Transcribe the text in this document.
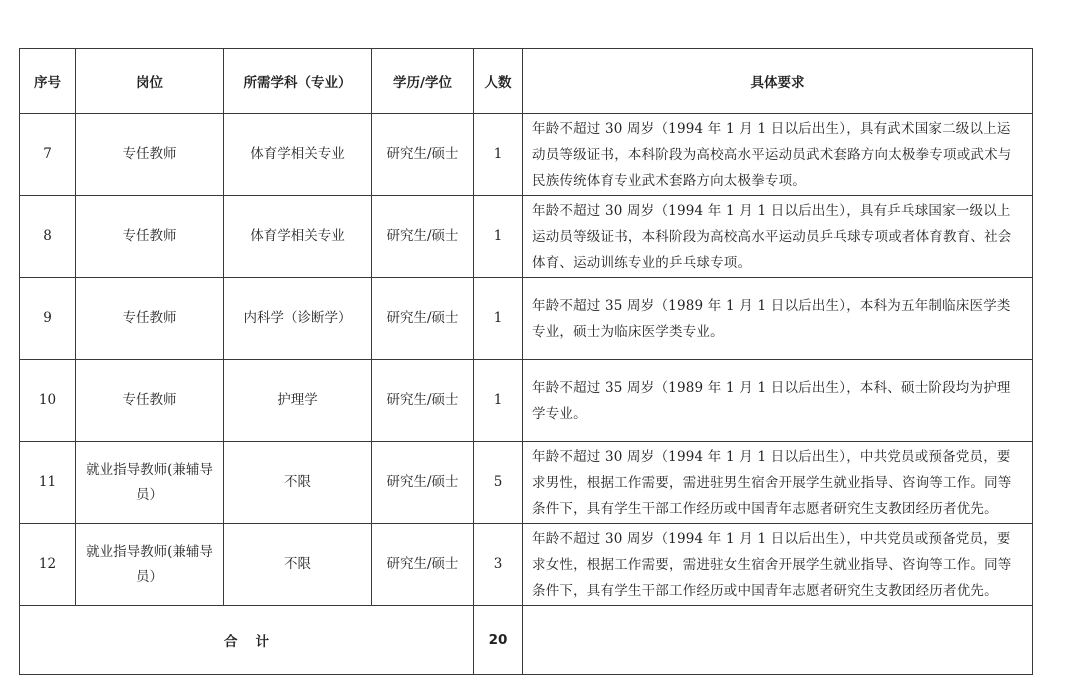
序号	岗位	所需学科（专业）	学历/学位	人数	具体要求
7	专任教师	体育学相关专业	研究生/硕士	1	年龄不超过 30 周岁（1994 年 1 月 1 日以后出生），具有武术国家二级以上运动员等级证书，本科阶段为高校高水平运动员武术套路方向太极拳专项或武术与民族传统体育专业武术套路方向太极拳专项。
8	专任教师	体育学相关专业	研究生/硕士	1	年龄不超过 30 周岁（1994 年 1 月 1 日以后出生），具有乒乓球国家一级以上运动员等级证书，本科阶段为高校高水平运动员乒乓球专项或者体育教育、社会体育、运动训练专业的乒乓球专项。
9	专任教师	内科学（诊断学）	研究生/硕士	1	年龄不超过 35 周岁（1989 年 1 月 1 日以后出生），本科为五年制临床医学类专业，硕士为临床医学类专业。
10	专任教师	护理学	研究生/硕士	1	年龄不超过 35 周岁（1989 年 1 月 1 日以后出生），本科、硕士阶段均为护理学专业。
11	就业指导教师(兼辅导员）	不限	研究生/硕士	5	年龄不超过 30 周岁（1994 年 1 月 1 日以后出生），中共党员或预备党员，要求男性，根据工作需要，需进驻男生宿舍开展学生就业指导、咨询等工作。同等条件下，具有学生干部工作经历或中国青年志愿者研究生支教团经历者优先。
12	就业指导教师(兼辅导员）	不限	研究生/硕士	3	年龄不超过 30 周岁（1994 年 1 月 1 日以后出生），中共党员或预备党员，要求女性，根据工作需要，需进驻女生宿舍开展学生就业指导、咨询等工作。同等条件下，具有学生干部工作经历或中国青年志愿者研究生支教团经历者优先。
合计				20	
